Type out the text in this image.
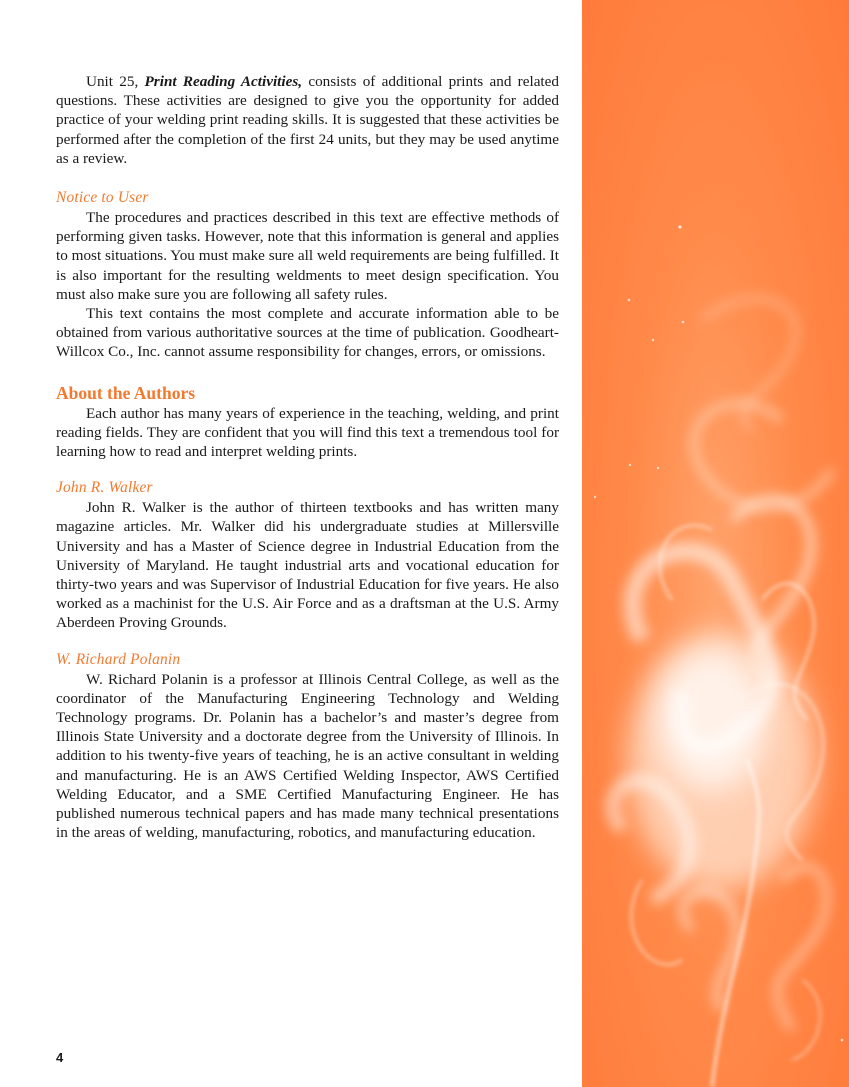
Unit 25, Print Reading Activities, consists of additional prints and related questions. These activities are designed to give you the opportunity for added practice of your welding print reading skills. It is suggested that these activities be performed after the completion of the first 24 units, but they may be used anytime as a review.

Notice to User

The procedures and practices described in this text are effective methods of performing given tasks. However, note that this information is general and applies to most situations. You must make sure all weld requirements are being fulfilled. It is also important for the resulting weldments to meet design specification. You must also make sure you are following all safety rules.

This text contains the most complete and accurate information able to be obtained from various authoritative sources at the time of publication. Goodheart-Willcox Co., Inc. cannot assume responsibility for changes, errors, or omissions.

About the Authors

Each author has many years of experience in the teaching, welding, and print reading fields. They are confident that you will find this text a tremendous tool for learning how to read and interpret welding prints.

John R. Walker

John R. Walker is the author of thirteen textbooks and has written many magazine articles. Mr. Walker did his undergraduate studies at Millersville University and has a Master of Science degree in Industrial Education from the University of Maryland. He taught industrial arts and vocational education for thirty-two years and was Supervisor of Industrial Education for five years. He also worked as a machinist for the U.S. Air Force and as a draftsman at the U.S. Army Aberdeen Proving Grounds.

W. Richard Polanin

W. Richard Polanin is a professor at Illinois Central College, as well as the coordinator of the Manufacturing Engineering Technology and Welding Technology programs. Dr. Polanin has a bachelor’s and master’s degree from Illinois State University and a doctorate degree from the University of Illinois. In addition to his twenty-five years of teaching, he is an active consultant in welding and manufacturing. He is an AWS Certified Welding Inspector, AWS Certified Welding Educator, and a SME Certified Manufacturing Engineer. He has published numerous technical papers and has made many technical presentations in the areas of welding, manufacturing, robotics, and manufacturing education.

4
